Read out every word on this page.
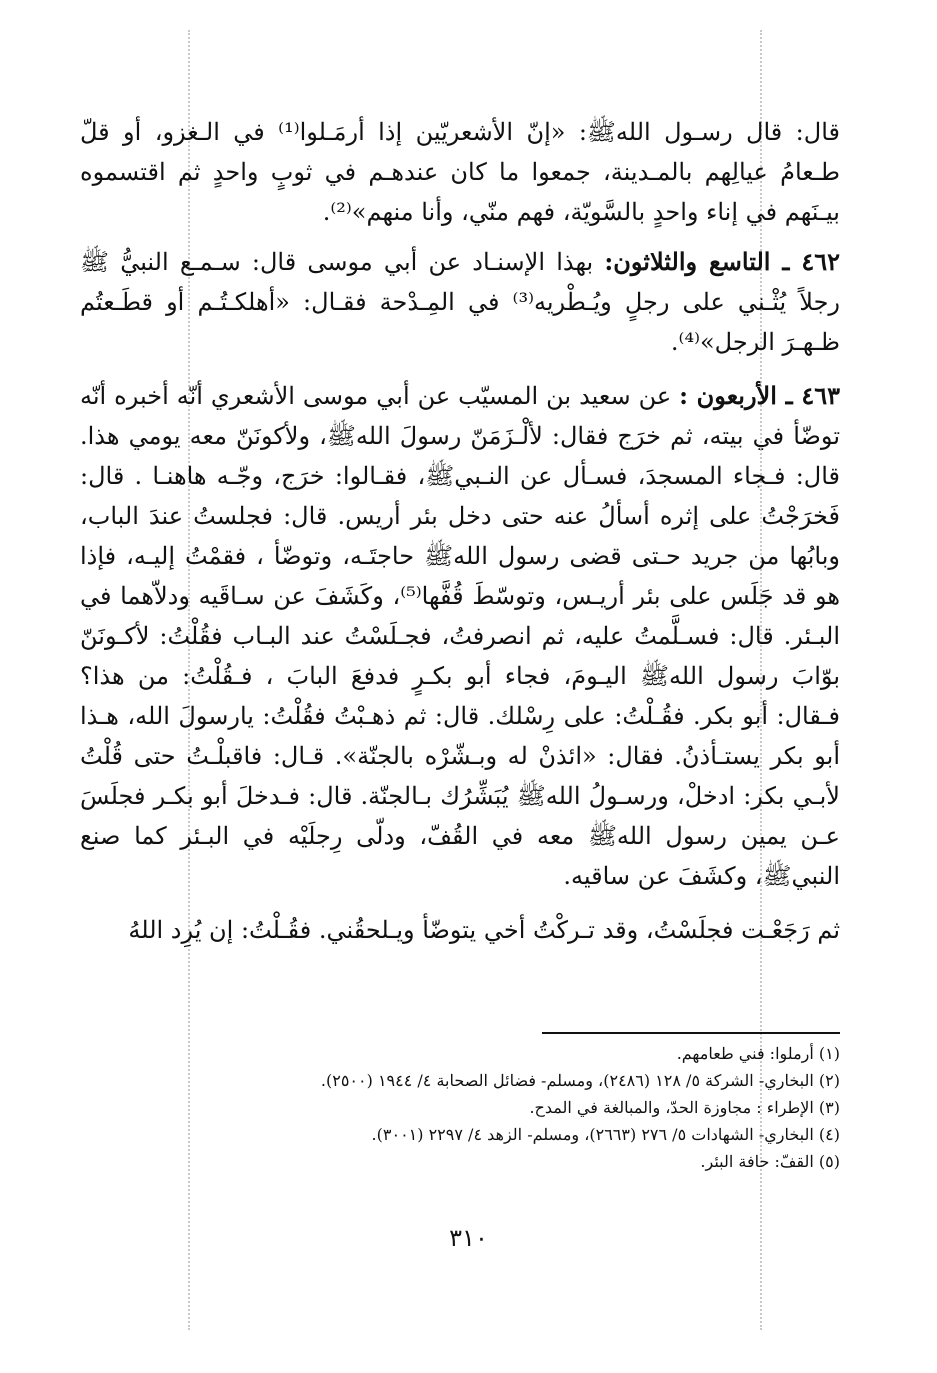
قال: قال رسـول اللهﷺ: «إنّ الأشعريّين إذا أرمَـلوا⁽¹⁾ في الـغزو، أو قلّ طـعامُ عيالِهم بالمـدينة، جمعوا ما كان عندهـم في ثوبٍ واحدٍ ثم اقتسموه بيـنَهم في إناء واحدٍ بالسَّويّة، فهم منّي، وأنا منهم»⁽²⁾.

٤٦٢ ـ التاسع والثلاثون: بهذا الإسنـاد عن أبي موسى قال: سـمـع النبيُّ ﷺ رجلاً يُثْـني على رجلٍ ويُـطْريه⁽³⁾ في المِـدْحة فقـال: «أهلكـتُـم أو قطَـعتُم ظـهـرَ الرجل»⁽⁴⁾.

٤٦٣ ـ الأربعون : عن سعيد بن المسيّب عن أبي موسى الأشعري أنّه أخبره أنّه توضّأ في بيته، ثم خرَج فقال: لألْـزَمَنّ رسولَ اللهﷺ، ولأكونَنّ معه يومي هذا. قال: فـجاء المسجدَ، فسـأل عن النـبيﷺ، فقـالوا: خرَج، وجّـه هاهنـا . قال: فَخرَجْتُ على إثره أسألُ عنه حتى دخل بئر أريس. قال: فجلستُ عندَ الباب، وبابُها من جريد حـتى قضى رسول اللهﷺ حاجتَـه، وتوضّأ ، فقمْتُ إليـه، فإذا هو قد جَلَس على بئر أريـس، وتوسّطَ قُفَّها⁽⁵⁾، وكَشَفَ عن سـاقَيه ودلاّهما في البـئر. قال: فسـلَّمتُ عليه، ثم انصرفتُ، فجـلَسْتُ عند البـاب فقُلْتُ: لأكـونَنّ بوّابَ رسول اللهﷺ اليـومَ، فجاء أبو بكـرٍ فدفعَ البابَ ، فـقُلْتُ: من هذا؟ فـقال: أبو بكر. فقُـلْتُ: على رِسْلك. قال: ثم ذهـبْتُ فقُلْتُ: يارسولَ الله، هـذا أبو بكر يستـأذنُ. فقال: «ائذنْ له وبـشّرْه بالجنّة». قـال: فاقبلْـتُ حتى قُلْتُ لأبـي بكر: ادخلْ، ورسـولُ اللهﷺ يُبَشِّرُك بـالجنّة. قال: فـدخلَ أبو بكـر فجلَسَ عـن يمين رسول اللهﷺ معه في القُفّ، ودلّى رِجلَيْه في البـئر كما صنع النبيﷺ، وكشَفَ عن ساقيه.

ثم رَجَعْـت فجلَسْتُ، وقد تـركْتُ أخي يتوضّأ ويـلحقُني. فقُـلْتُ: إن يُرِد اللهُ

(١) أرملوا: فني طعامهم.

(٢) البخاري- الشركة ٥/ ١٢٨ (٢٤٨٦)، ومسلم- فضائل الصحابة ٤/ ١٩٤٤ (٢٥٠٠).

(٣) الإطراء : مجاوزة الحدّ، والمبالغة في المدح.

(٤) البخاري- الشهادات ٥/ ٢٧٦ (٢٦٦٣)، ومسلم- الزهد ٤/ ٢٢٩٧ (٣٠٠١).

(٥) القفّ: حافة البئر.

٣١٠
